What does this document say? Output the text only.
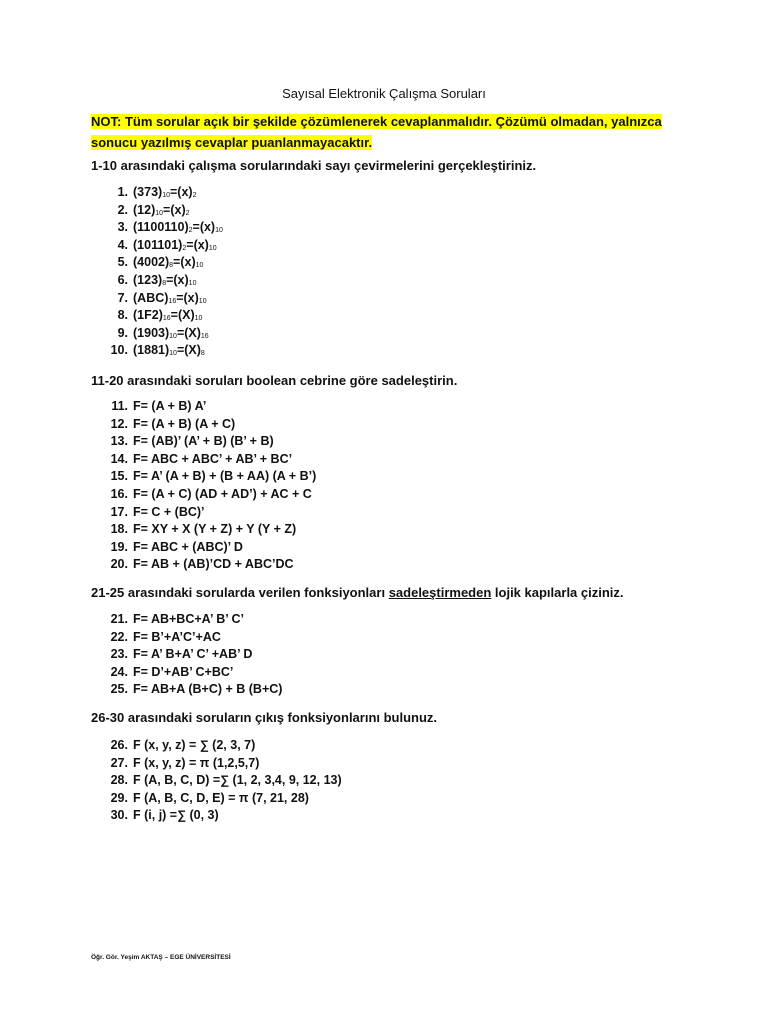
Sayısal Elektronik Çalışma Soruları
NOT: Tüm sorular açık bir şekilde çözümlenerek cevaplanmalıdır. Çözümü olmadan, yalnızca sonucu yazılmış cevaplar puanlanmayacaktır.
1-10 arasındaki çalışma sorularındaki sayı çevirmelerini gerçekleştiriniz.
1. $(373)_{10}=(x)_2$
2. $(12)_{10}=(x)_2$
3. $(1100110)_2=(x)_{10}$
4. $(101101)_2=(x)_{10}$
5. $(4002)_8=(x)_{10}$
6. $(123)_8=(x)_{10}$
7. $(ABC)_{16}=(x)_{10}$
8. $(1F2)_{16}=(X)_{10}$
9. $(1903)_{10}=(X)_{16}$
10. $(1881)_{10}=(X)_8$
11-20 arasındaki soruları boolean cebrine göre sadeleştirin.
11. F= (A + B) A’
12. F= (A + B) (A + C)
13. F= (AB)’ (A’ + B) (B’ + B)
14. F= ABC + ABC’ + AB’ + BC’
15. F= A’ (A + B) + (B + AA) (A + B’)
16. F= (A + C) (AD + AD’) + AC + C
17. F= C + (BC)’
18. F= XY + X (Y + Z) + Y (Y + Z)
19. F= ABC + (ABC)’ D
20. F= AB + (AB)’CD + ABC’DC
21-25 arasındaki sorularda verilen fonksiyonları sadeleştirmeden lojik kapılarla çiziniz.
21. F= AB+BC+A’ B’ C’
22. F= B’+A’C’+AC
23. F= A’ B+A’ C’ +AB’ D
24. F= D’+AB’ C+BC’
25. F= AB+A (B+C) + B (B+C)
26-30 arasındaki soruların çıkış fonksiyonlarını bulunuz.
26. F (x, y, z) = ∑ (2, 3, 7)
27. F (x, y, z) = π (1,2,5,7)
28. F (A, B, C, D) =∑ (1, 2, 3,4, 9, 12, 13)
29. F (A, B, C, D, E) = π (7, 21, 28)
30. F (i, j) =∑ (0, 3)
Öğr. Gör. Yeşim AKTAŞ – EGE ÜNİVERSİTESİ
